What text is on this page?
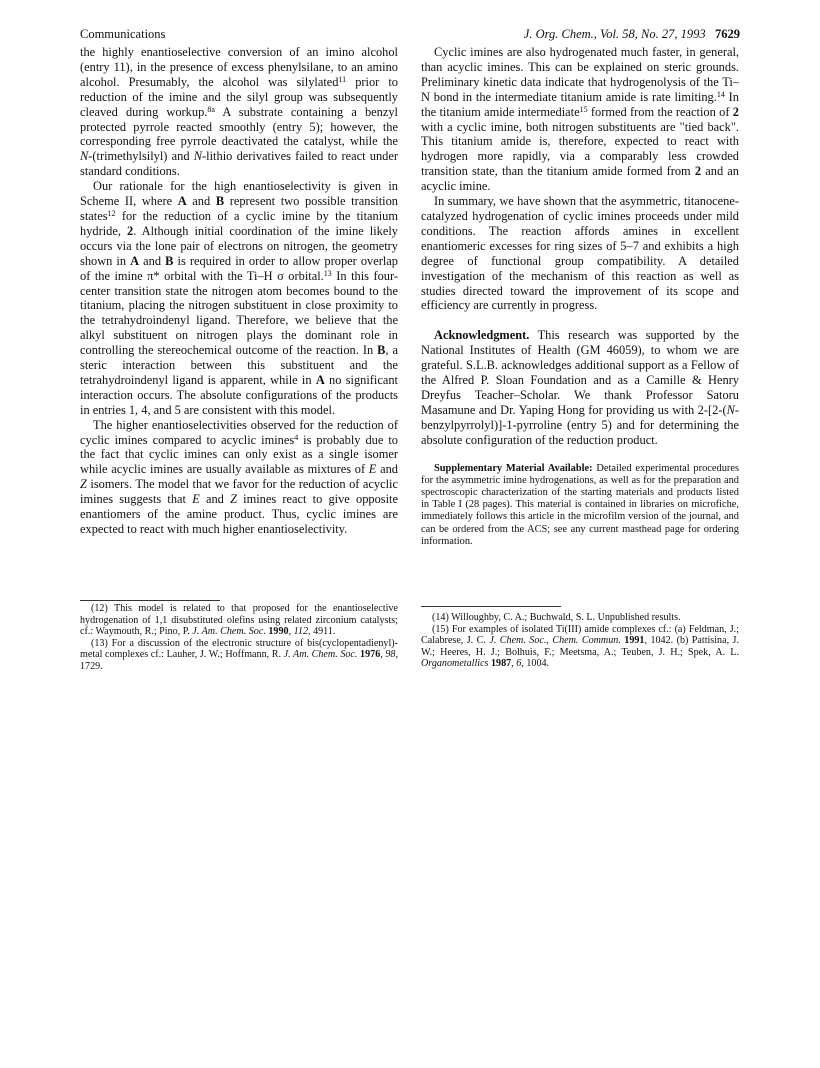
Communications	J. Org. Chem., Vol. 58, No. 27, 1993 7629

the highly enantioselective conversion of an imino alcohol (entry 11), in the presence of excess phenylsilane, to an amino alcohol. Presumably, the alcohol was silylated$^{11}$ prior to reduction of the imine and the silyl group was subsequently cleaved during workup.$^{8a}$ A substrate containing a benzyl protected pyrrole reacted smoothly (entry 5); however, the corresponding free pyrrole deactivated the catalyst, while the N-(trimethylsilyl) and N-lithio derivatives failed to react under standard conditions.

Our rationale for the high enantioselectivity is given in Scheme II, where A and B represent two possible transition states$^{12}$ for the reduction of a cyclic imine by the titanium hydride, 2. Although initial coordination of the imine likely occurs via the lone pair of electrons on nitrogen, the geometry shown in A and B is required in order to allow proper overlap of the imine π* orbital with the Ti–H σ orbital.$^{13}$ In this four-center transition state the nitrogen atom becomes bound to the titanium, placing the nitrogen substituent in close proximity to the tetrahydroindenyl ligand. Therefore, we believe that the alkyl substituent on nitrogen plays the dominant role in controlling the stereochemical outcome of the reaction. In B, a steric interaction between this substituent and the tetrahydroindenyl ligand is apparent, while in A no significant interaction occurs. The absolute configurations of the products in entries 1, 4, and 5 are consistent with this model.

The higher enantioselectivities observed for the reduction of cyclic imines compared to acyclic imines$^4$ is probably due to the fact that cyclic imines can only exist as a single isomer while acyclic imines are usually available as mixtures of E and Z isomers. The model that we favor for the reduction of acyclic imines suggests that E and Z imines react to give opposite enantiomers of the amine product. Thus, cyclic imines are expected to react with much higher enantioselectivity.

(12) This model is related to that proposed for the enantioselective hydrogenation of 1,1 disubstituted olefins using related zirconium catalysts; cf.: Waymouth, R.; Pino, P. J. Am. Chem. Soc. 1990, 112, 4911.

(13) For a discussion of the electronic structure of bis(cyclopentadienyl)-metal complexes cf.: Lauher, J. W.; Hoffmann, R. J. Am. Chem. Soc. 1976, 98, 1729.

Cyclic imines are also hydrogenated much faster, in general, than acyclic imines. This can be explained on steric grounds. Preliminary kinetic data indicate that hydrogenolysis of the Ti–N bond in the intermediate titanium amide is rate limiting.$^{14}$ In the titanium amide intermediate$^{15}$ formed from the reaction of 2 with a cyclic imine, both nitrogen substituents are "tied back". This titanium amide is, therefore, expected to react with hydrogen more rapidly, via a comparably less crowded transition state, than the titanium amide formed from 2 and an acyclic imine.

In summary, we have shown that the asymmetric, titanocene-catalyzed hydrogenation of cyclic imines proceeds under mild conditions. The reaction affords amines in excellent enantiomeric excesses for ring sizes of 5–7 and exhibits a high degree of functional group compatibility. A detailed investigation of the mechanism of this reaction as well as studies directed toward the improvement of its scope and efficiency are currently in progress.

Acknowledgment. This research was supported by the National Institutes of Health (GM 46059), to whom we are grateful. S.L.B. acknowledges additional support as a Fellow of the Alfred P. Sloan Foundation and as a Camille & Henry Dreyfus Teacher–Scholar. We thank Professor Satoru Masamune and Dr. Yaping Hong for providing us with 2-[2-(N-benzylpyrrolyl)]-1-pyrroline (entry 5) and for determining the absolute configuration of the reduction product.

Supplementary Material Available: Detailed experimental procedures for the asymmetric imine hydrogenations, as well as for the preparation and spectroscopic characterization of the starting materials and products listed in Table I (28 pages). This material is contained in libraries on microfiche, immediately follows this article in the microfilm version of the journal, and can be ordered from the ACS; see any current masthead page for ordering information.

(14) Willoughby, C. A.; Buchwald, S. L. Unpublished results.

(15) For examples of isolated Ti(III) amide complexes cf.: (a) Feldman, J.; Calabrese, J. C. J. Chem. Soc., Chem. Commun. 1991, 1042. (b) Pattisina, J. W.; Heeres, H. J.; Bolhuis, F.; Meetsma, A.; Teuben, J. H.; Spek, A. L. Organometallics 1987, 6, 1004.
